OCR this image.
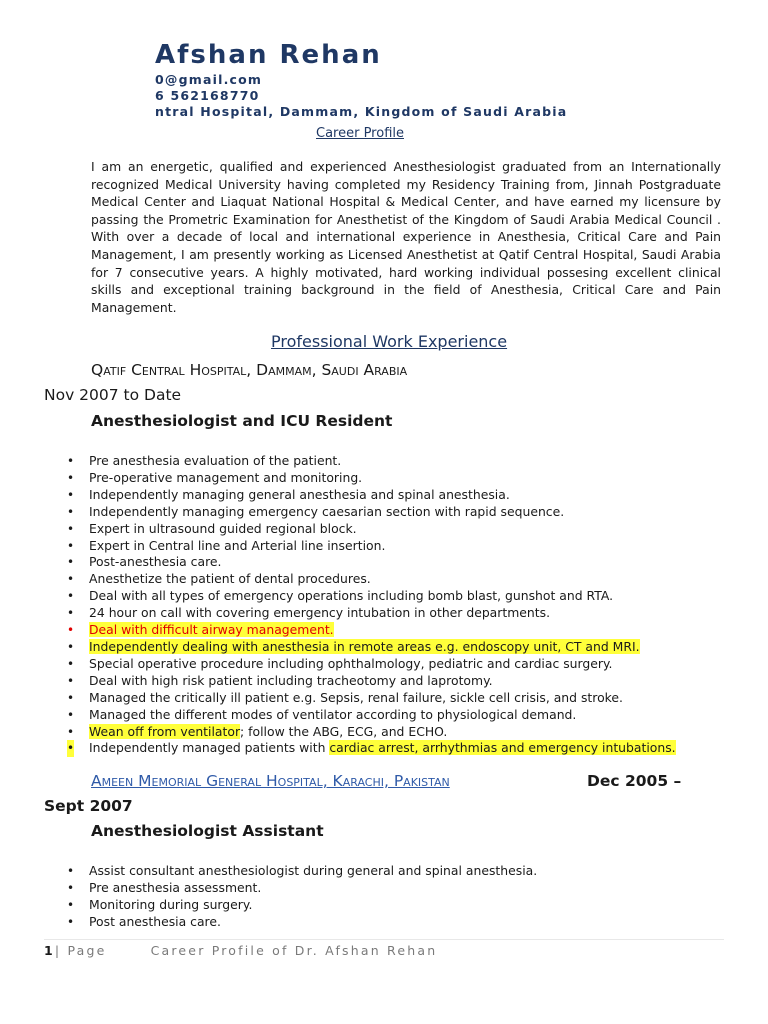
Afshan Rehan
0@gmail.com
6 562168770
ntral Hospital, Dammam, Kingdom of Saudi Arabia
Career Profile
I am an energetic, qualified and experienced Anesthesiologist graduated from an Internationally recognized Medical University having completed my Residency Training from, Jinnah Postgraduate Medical Center and Liaquat National Hospital & Medical Center, and have earned my licensure by passing the Prometric Examination for Anesthetist of the Kingdom of Saudi Arabia Medical Council . With over a decade of local and international experience in Anesthesia, Critical Care and Pain Management, I am presently working as Licensed Anesthetist at Qatif Central Hospital, Saudi Arabia for 7 consecutive years. A highly motivated, hard working individual possesing excellent clinical skills and exceptional training background in the field of Anesthesia, Critical Care and Pain Management.
Professional Work Experience
Qatif Central Hospital, Dammam, Saudi Arabia
Nov 2007 to Date
Anesthesiologist and ICU Resident
• Pre anesthesia evaluation of the patient.
• Pre-operative management and monitoring.
• Independently managing general anesthesia and spinal anesthesia.
• Independently managing emergency caesarian section with rapid sequence.
• Expert in ultrasound guided regional block.
• Expert in Central line and Arterial line insertion.
• Post-anesthesia care.
• Anesthetize the patient of dental procedures.
• Deal with all types of emergency operations including bomb blast, gunshot and RTA.
• 24 hour on call with covering emergency intubation in other departments.
• Deal with difficult airway management.
• Independently dealing with anesthesia in remote areas e.g. endoscopy unit, CT and MRI.
• Special operative procedure including ophthalmology, pediatric and cardiac surgery.
• Deal with high risk patient including tracheotomy and laprotomy.
• Managed the critically ill patient e.g. Sepsis, renal failure, sickle cell crisis, and stroke.
• Managed the different modes of ventilator according to physiological demand.
• Wean off from ventilator; follow the ABG, ECG, and ECHO.
• Independently managed patients with cardiac arrest, arrhythmias and emergency intubations.
Ameen Memorial General Hospital, Karachi, Pakistan	Dec 2005 –
Sept 2007
Anesthesiologist Assistant
• Assist consultant anesthesiologist during general and spinal anesthesia.
• Pre anesthesia assessment.
• Monitoring during surgery.
• Post anesthesia care.
1| Page	Career Profile of Dr. Afshan Rehan
